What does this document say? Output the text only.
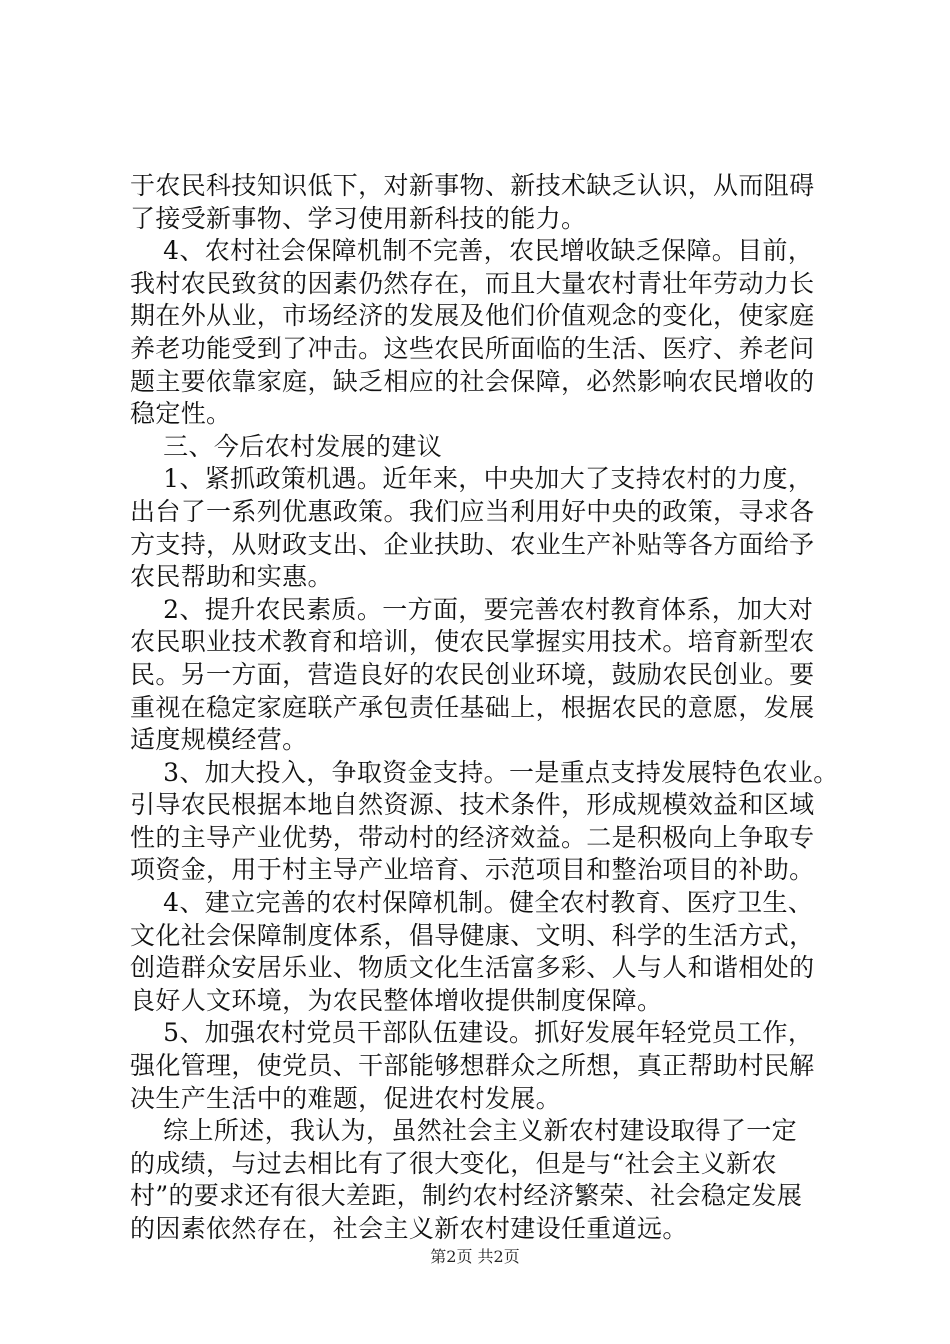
于农民科技知识低下，对新事物、新技术缺乏认识，从而阻碍
了接受新事物、学习使用新科技的能力。
4、农村社会保障机制不完善，农民增收缺乏保障。目前，
我村农民致贫的因素仍然存在，而且大量农村青壮年劳动力长
期在外从业，市场经济的发展及他们价值观念的变化，使家庭
养老功能受到了冲击。这些农民所面临的生活、医疗、养老问
题主要依靠家庭，缺乏相应的社会保障，必然影响农民增收的
稳定性。
三、今后农村发展的建议
1、紧抓政策机遇。近年来，中央加大了支持农村的力度，
出台了一系列优惠政策。我们应当利用好中央的政策，寻求各
方支持，从财政支出、企业扶助、农业生产补贴等各方面给予
农民帮助和实惠。
2、提升农民素质。一方面，要完善农村教育体系，加大对
农民职业技术教育和培训，使农民掌握实用技术。培育新型农
民。另一方面，营造良好的农民创业环境，鼓励农民创业。要
重视在稳定家庭联产承包责任基础上，根据农民的意愿，发展
适度规模经营。
3、加大投入，争取资金支持。一是重点支持发展特色农业。
引导农民根据本地自然资源、技术条件，形成规模效益和区域
性的主导产业优势，带动村的经济效益。二是积极向上争取专
项资金，用于村主导产业培育、示范项目和整治项目的补助。
4、建立完善的农村保障机制。健全农村教育、医疗卫生、
文化社会保障制度体系，倡导健康、文明、科学的生活方式，
创造群众安居乐业、物质文化生活富多彩、人与人和谐相处的
良好人文环境，为农民整体增收提供制度保障。
5、加强农村党员干部队伍建设。抓好发展年轻党员工作，
强化管理，使党员、干部能够想群众之所想，真正帮助村民解
决生产生活中的难题，促进农村发展。
综上所述，我认为，虽然社会主义新农村建设取得了一定
的成绩，与过去相比有了很大变化，但是与“社会主义新农
村”的要求还有很大差距，制约农村经济繁荣、社会稳定发展
的因素依然存在，社会主义新农村建设任重道远。
第2页 共2页
